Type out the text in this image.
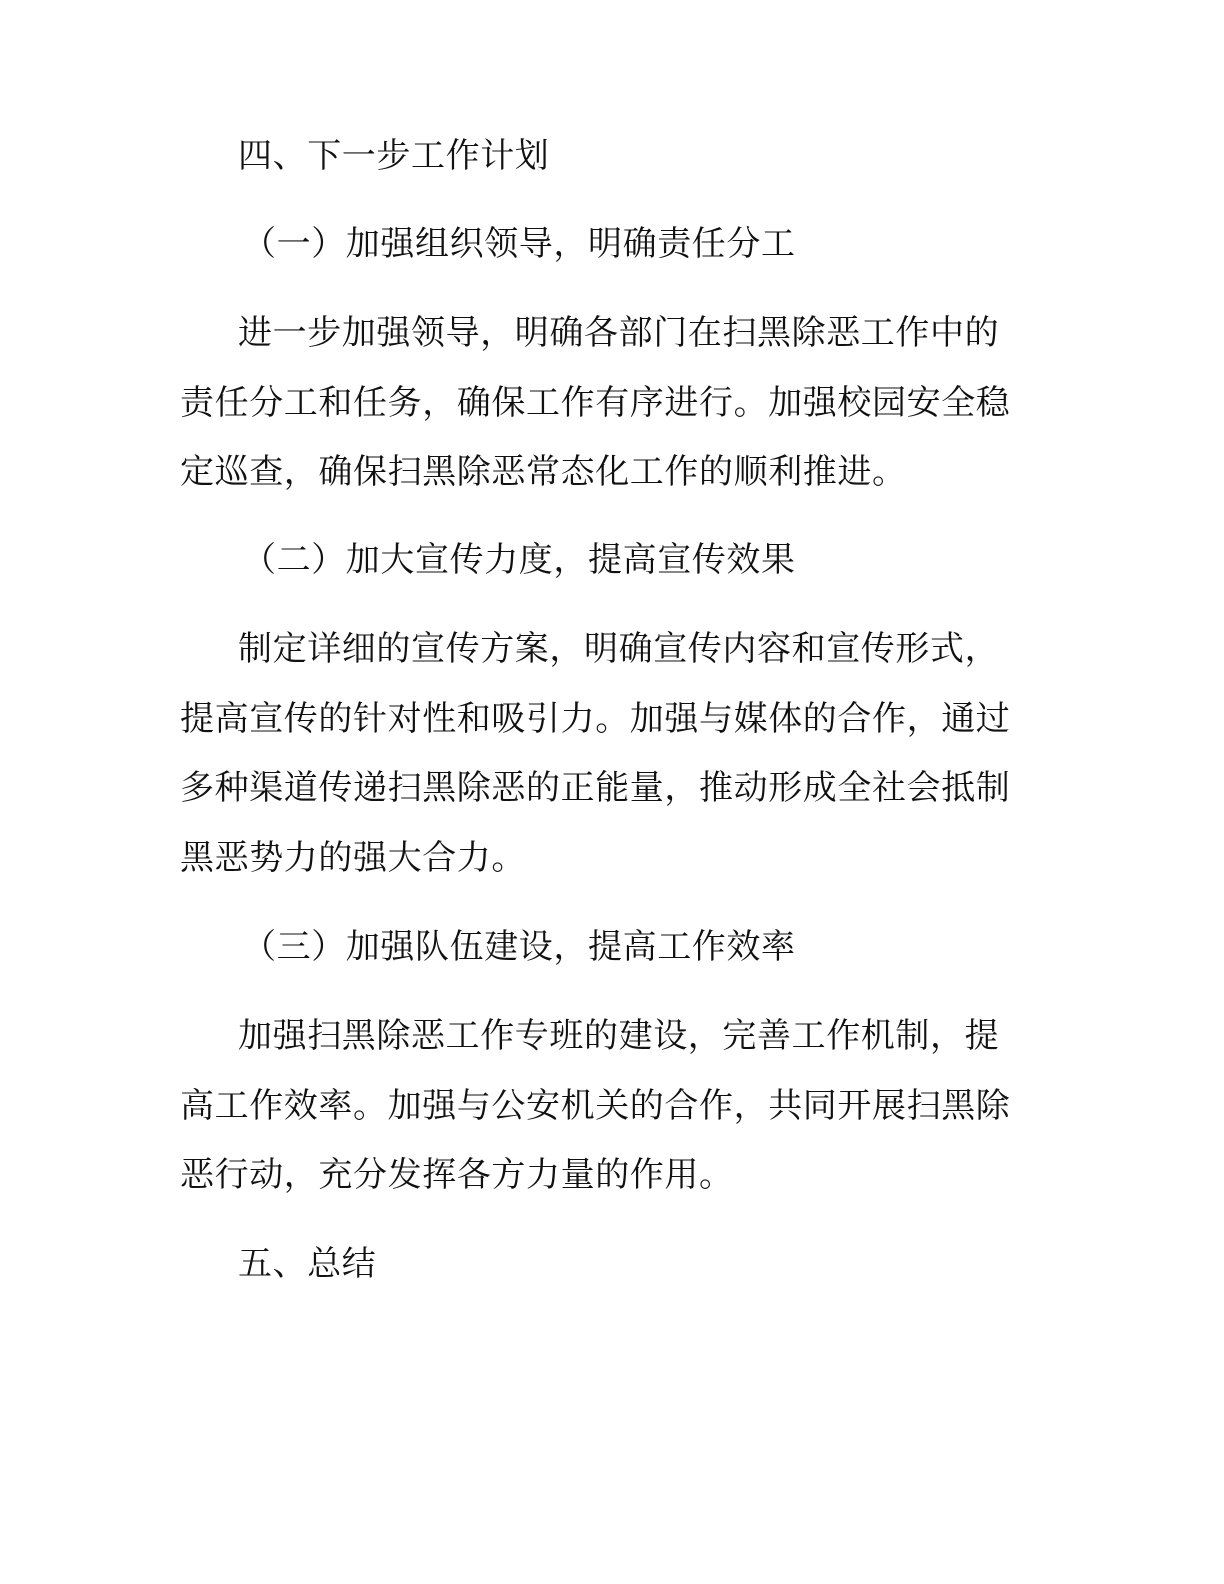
四、下一步工作计划
（一）加强组织领导，明确责任分工
进一步加强领导，明确各部门在扫黑除恶工作中的
责任分工和任务，确保工作有序进行。加强校园安全稳
定巡查，确保扫黑除恶常态化工作的顺利推进。
（二）加大宣传力度，提高宣传效果
制定详细的宣传方案，明确宣传内容和宣传形式，
提高宣传的针对性和吸引力。加强与媒体的合作，通过
多种渠道传递扫黑除恶的正能量，推动形成全社会抵制
黑恶势力的强大合力。
（三）加强队伍建设，提高工作效率
加强扫黑除恶工作专班的建设，完善工作机制，提
高工作效率。加强与公安机关的合作，共同开展扫黑除
恶行动，充分发挥各方力量的作用。
五、总结
